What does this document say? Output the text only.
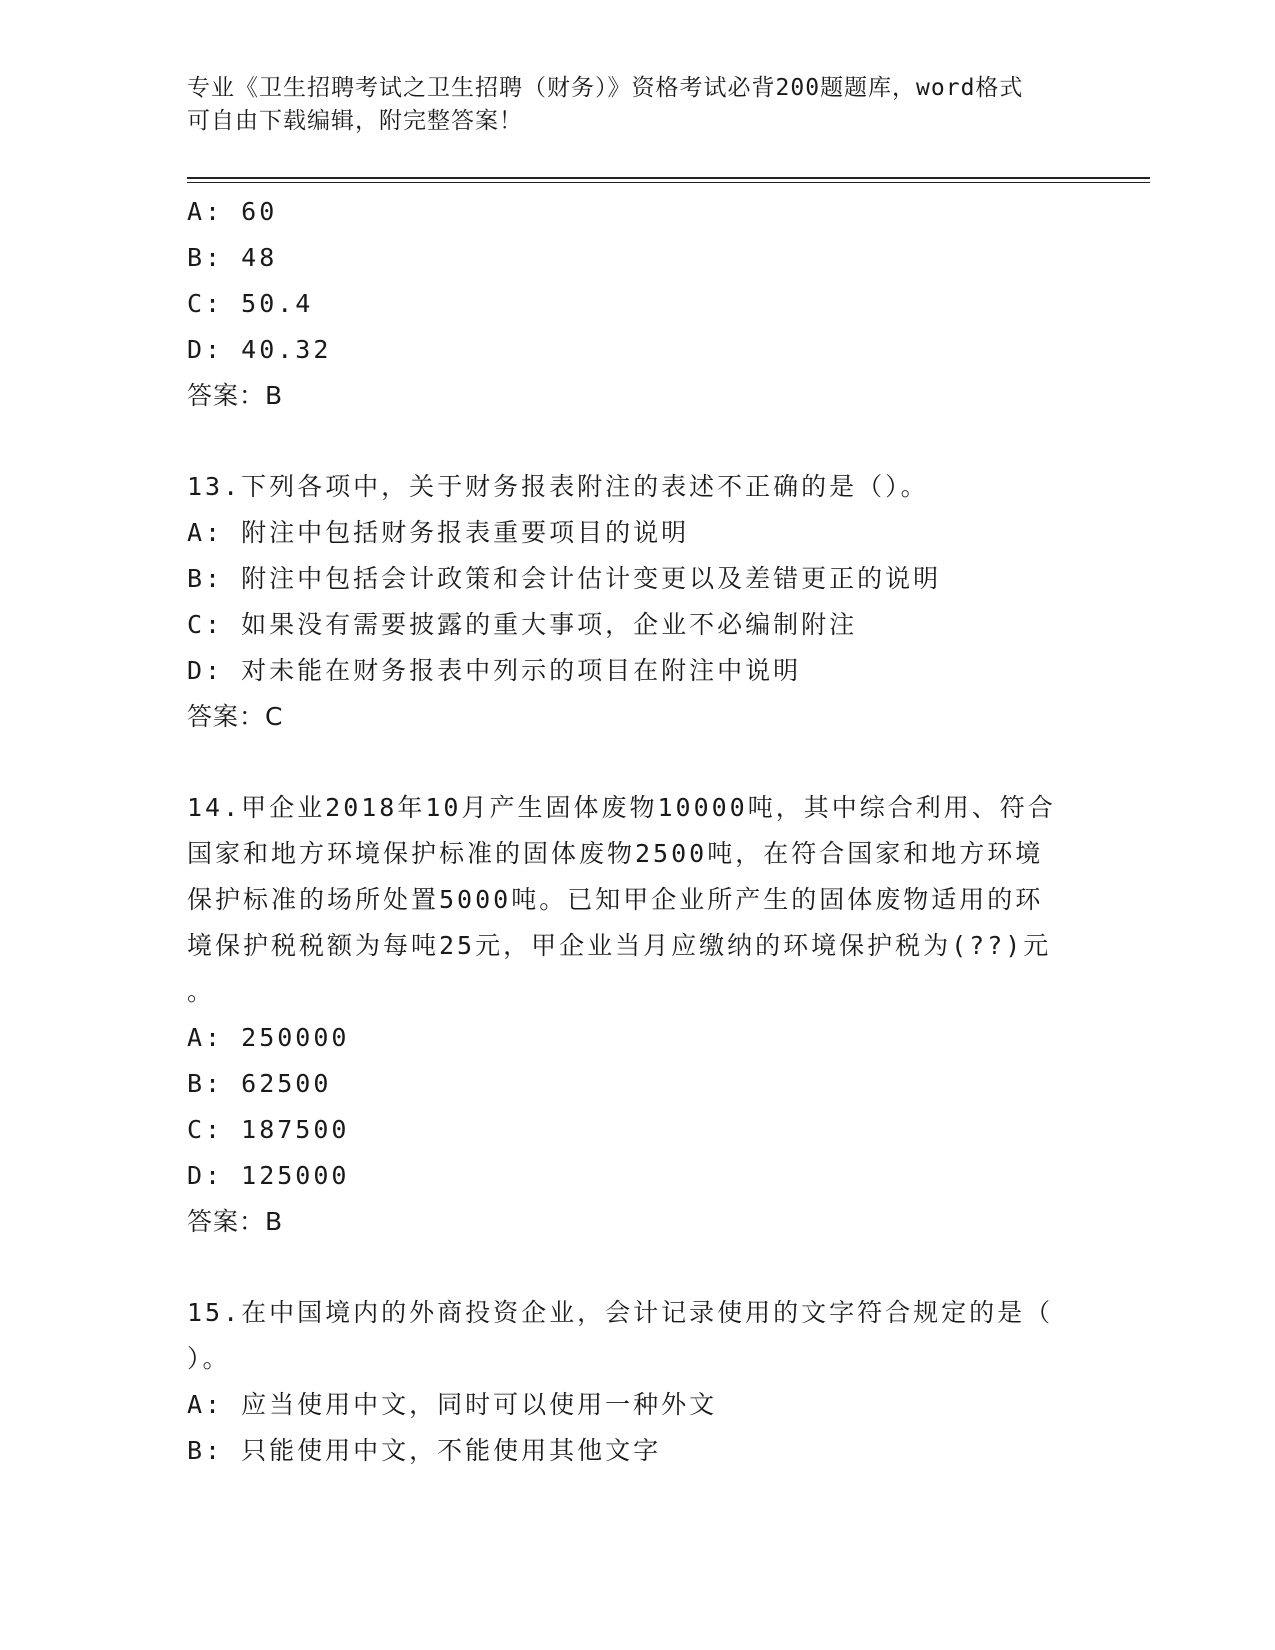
专业《卫生招聘考试之卫生招聘（财务）》资格考试必背200题题库，word格式
可自由下载编辑，附完整答案！
A: 60
B: 48
C: 50.4
D: 40.32
答案：B
13.下列各项中，关于财务报表附注的表述不正确的是（）。
A: 附注中包括财务报表重要项目的说明
B: 附注中包括会计政策和会计估计变更以及差错更正的说明
C: 如果没有需要披露的重大事项，企业不必编制附注
D: 对未能在财务报表中列示的项目在附注中说明
答案：C
14.甲企业2018年10月产生固体废物10000吨，其中综合利用、符合
国家和地方环境保护标准的固体废物2500吨，在符合国家和地方环境
保护标准的场所处置5000吨。已知甲企业所产生的固体废物适用的环
境保护税税额为每吨25元，甲企业当月应缴纳的环境保护税为(??)元
。
A: 250000
B: 62500
C: 187500
D: 125000
答案：B
15.在中国境内的外商投资企业，会计记录使用的文字符合规定的是（
）。
A: 应当使用中文，同时可以使用一种外文
B: 只能使用中文，不能使用其他文字
